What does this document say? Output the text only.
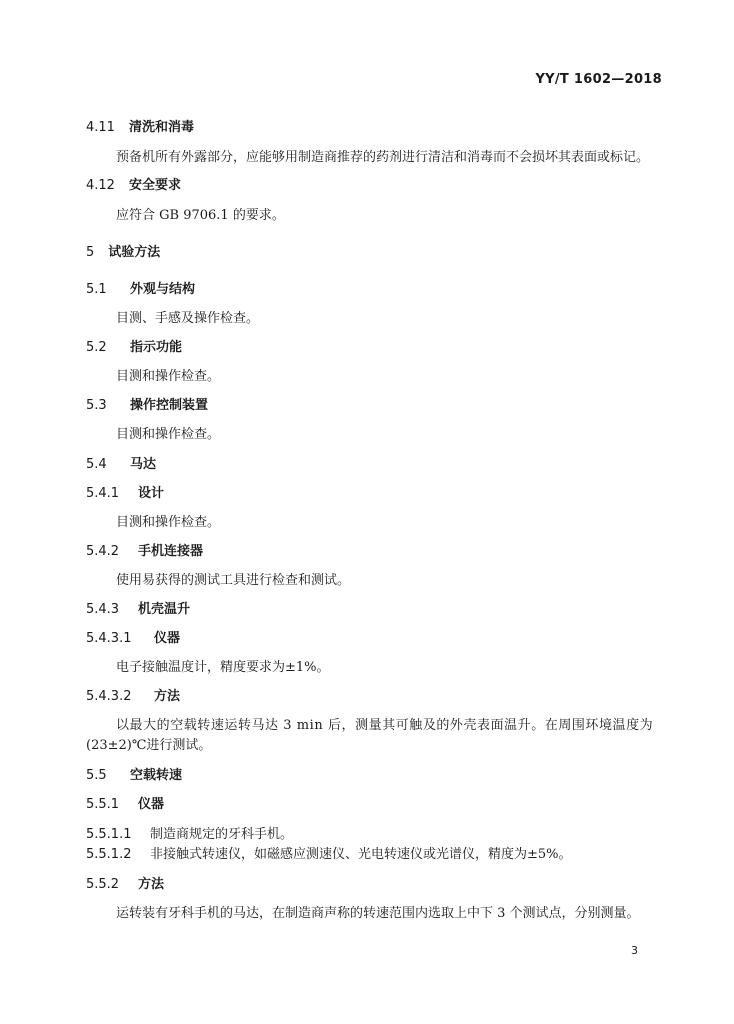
YY/T 1602—2018
4.11 清洗和消毒
预备机所有外露部分，应能够用制造商推荐的药剂进行清洁和消毒而不会损坏其表面或标记。
4.12 安全要求
应符合 GB 9706.1 的要求。
5 试验方法
5.1 外观与结构
目测、手感及操作检查。
5.2 指示功能
目测和操作检查。
5.3 操作控制装置
目测和操作检查。
5.4 马达
5.4.1 设计
目测和操作检查。
5.4.2 手机连接器
使用易获得的测试工具进行检查和测试。
5.4.3 机壳温升
5.4.3.1 仪器
电子接触温度计，精度要求为±1%。
5.4.3.2 方法
以最大的空载转速运转马达 3 min 后，测量其可触及的外壳表面温升。在周围环境温度为
(23±2)℃进行测试。
5.5 空载转速
5.5.1 仪器
5.5.1.1 制造商规定的牙科手机。
5.5.1.2 非接触式转速仪，如磁感应测速仪、光电转速仪或光谱仪，精度为±5%。
5.5.2 方法
运转装有牙科手机的马达，在制造商声称的转速范围内选取上中下 3 个测试点，分别测量。
3
